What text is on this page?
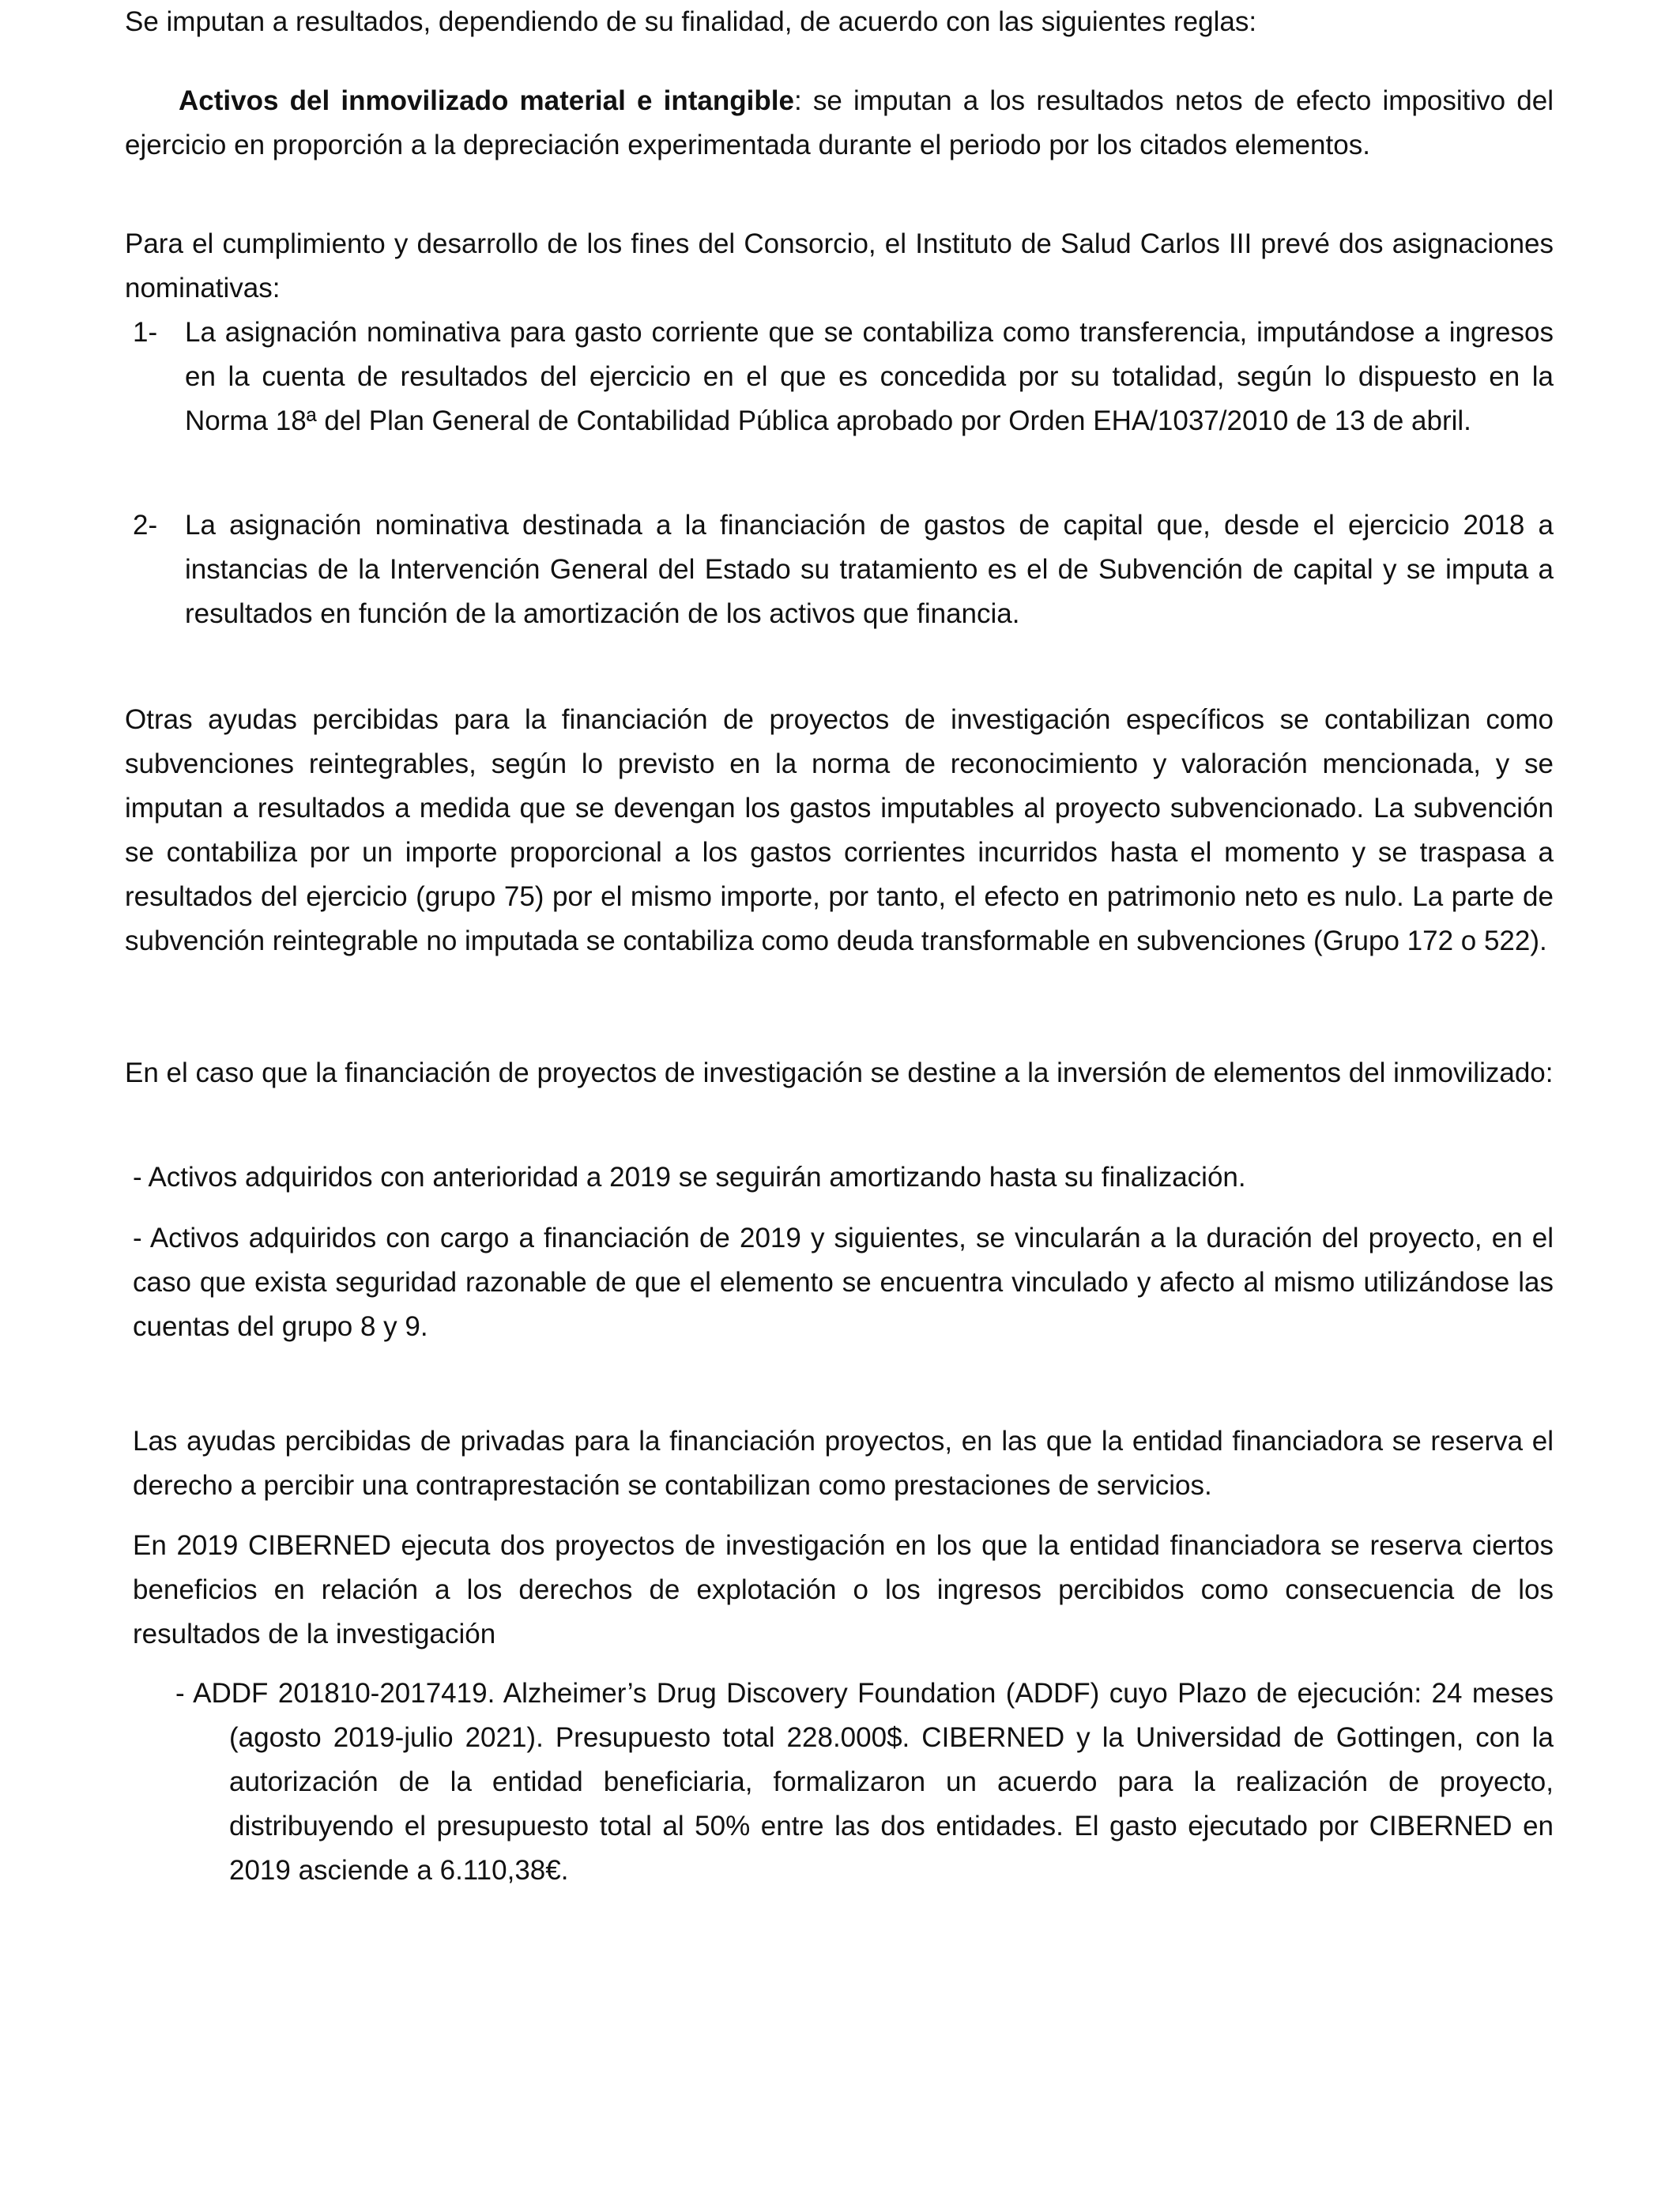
Se imputan a resultados, dependiendo de su finalidad, de acuerdo con las siguientes reglas:

Activos del inmovilizado material e intangible: se imputan a los resultados netos de efecto impositivo del ejercicio en proporción a la depreciación experimentada durante el periodo por los citados elementos.

Para el cumplimiento y desarrollo de los fines del Consorcio, el Instituto de Salud Carlos III prevé dos asignaciones nominativas:

1- La asignación nominativa para gasto corriente que se contabiliza como transferencia, imputándose a ingresos en la cuenta de resultados del ejercicio en el que es concedida por su totalidad, según lo dispuesto en la Norma 18ª del Plan General de Contabilidad Pública aprobado por Orden EHA/1037/2010 de 13 de abril.

2- La asignación nominativa destinada a la financiación de gastos de capital que, desde el ejercicio 2018 a instancias de la Intervención General del Estado su tratamiento es el de Subvención de capital y se imputa a resultados en función de la amortización de los activos que financia.

Otras ayudas percibidas para la financiación de proyectos de investigación específicos se contabilizan como subvenciones reintegrables, según lo previsto en la norma de reconocimiento y valoración mencionada, y se imputan a resultados a medida que se devengan los gastos imputables al proyecto subvencionado. La subvención se contabiliza por un importe proporcional a los gastos corrientes incurridos hasta el momento y se traspasa a resultados del ejercicio (grupo 75) por el mismo importe, por tanto, el efecto en patrimonio neto es nulo. La parte de subvención reintegrable no imputada se contabiliza como deuda transformable en subvenciones (Grupo 172 o 522).

En el caso que la financiación de proyectos de investigación se destine a la inversión de elementos del inmovilizado:

- Activos adquiridos con anterioridad a 2019 se seguirán amortizando hasta su finalización.

- Activos adquiridos con cargo a financiación de 2019 y siguientes, se vincularán a la duración del proyecto, en el caso que exista seguridad razonable de que el elemento se encuentra vinculado y afecto al mismo utilizándose las cuentas del grupo 8 y 9.

Las ayudas percibidas de privadas para la financiación proyectos, en las que la entidad financiadora se reserva el derecho a percibir una contraprestación se contabilizan como prestaciones de servicios.

En 2019 CIBERNED ejecuta dos proyectos de investigación en los que la entidad financiadora se reserva ciertos beneficios en relación a los derechos de explotación o los ingresos percibidos como consecuencia de los resultados de la investigación

- ADDF 201810-2017419. Alzheimer’s Drug Discovery Foundation (ADDF) cuyo Plazo de ejecución: 24 meses (agosto 2019-julio 2021). Presupuesto total 228.000$. CIBERNED y la Universidad de Gottingen, con la autorización de la entidad beneficiaria, formalizaron un acuerdo para la realización de proyecto, distribuyendo el presupuesto total al 50% entre las dos entidades. El gasto ejecutado por CIBERNED en 2019 asciende a 6.110,38€.
